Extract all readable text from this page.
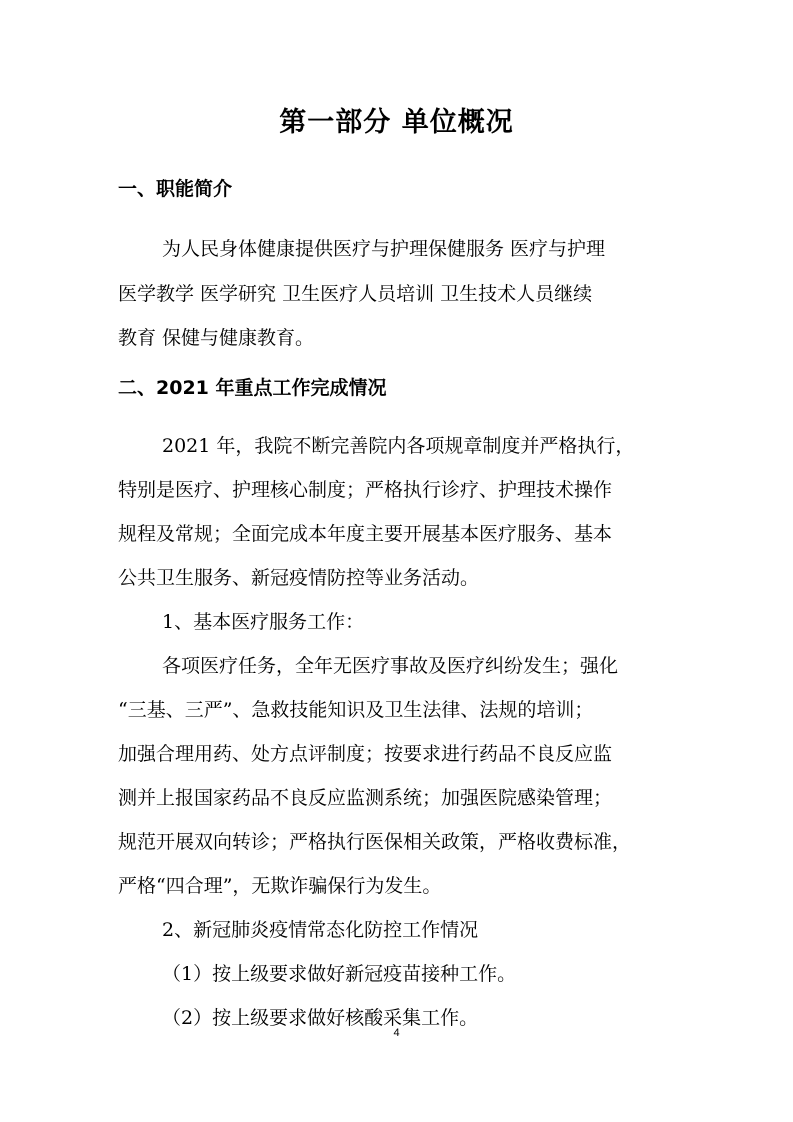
第一部分 单位概况
一、职能简介
为人民身体健康提供医疗与护理保健服务 医疗与护理
医学教学 医学研究 卫生医疗人员培训 卫生技术人员继续
教育 保健与健康教育。
二、2021 年重点工作完成情况
2021 年，我院不断完善院内各项规章制度并严格执行，
特别是医疗、护理核心制度；严格执行诊疗、护理技术操作
规程及常规；全面完成本年度主要开展基本医疗服务、基本
公共卫生服务、新冠疫情防控等业务活动。
1、基本医疗服务工作：
各项医疗任务，全年无医疗事故及医疗纠纷发生；强化
“三基、三严”、急救技能知识及卫生法律、法规的培训；
加强合理用药、处方点评制度；按要求进行药品不良反应监
测并上报国家药品不良反应监测系统；加强医院感染管理；
规范开展双向转诊；严格执行医保相关政策，严格收费标准，
严格“四合理”，无欺诈骗保行为发生。
2、新冠肺炎疫情常态化防控工作情况
（1）按上级要求做好新冠疫苗接种工作。
（2）按上级要求做好核酸采集工作。
4
